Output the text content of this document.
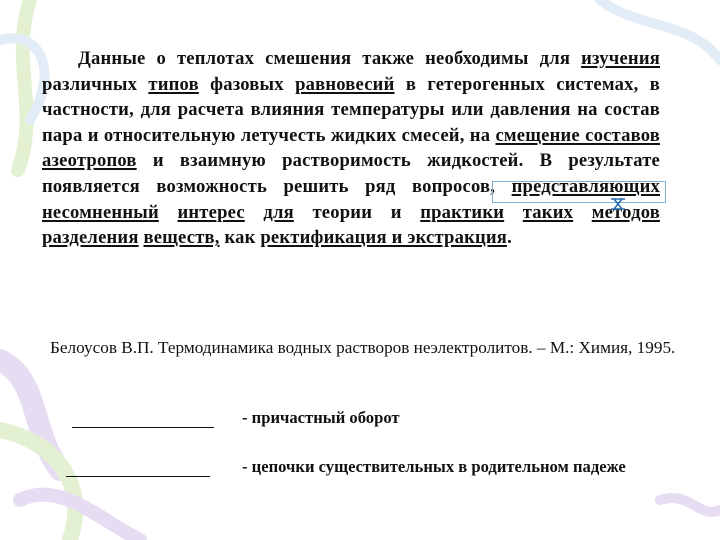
Данные о теплотах смешения также необходимы для изучения различных типов фазовых равновесий в гетерогенных системах, в частности, для расчета влияния температуры или давления на состав пара и относительную летучесть жидких смесей, на смещение составов азеотропов и взаимную растворимость жидкостей. В результате появляется возможность решить ряд вопросов, представляющих несомненный интерес для теории и практики таких методов разделения веществ, как ректификация и экстракция.

Белоусов В.П. Термодинамика водных растворов неэлектролитов. – М.: Химия, 1995.

- причастный оборот
- цепочки существительных в родительном падеже
